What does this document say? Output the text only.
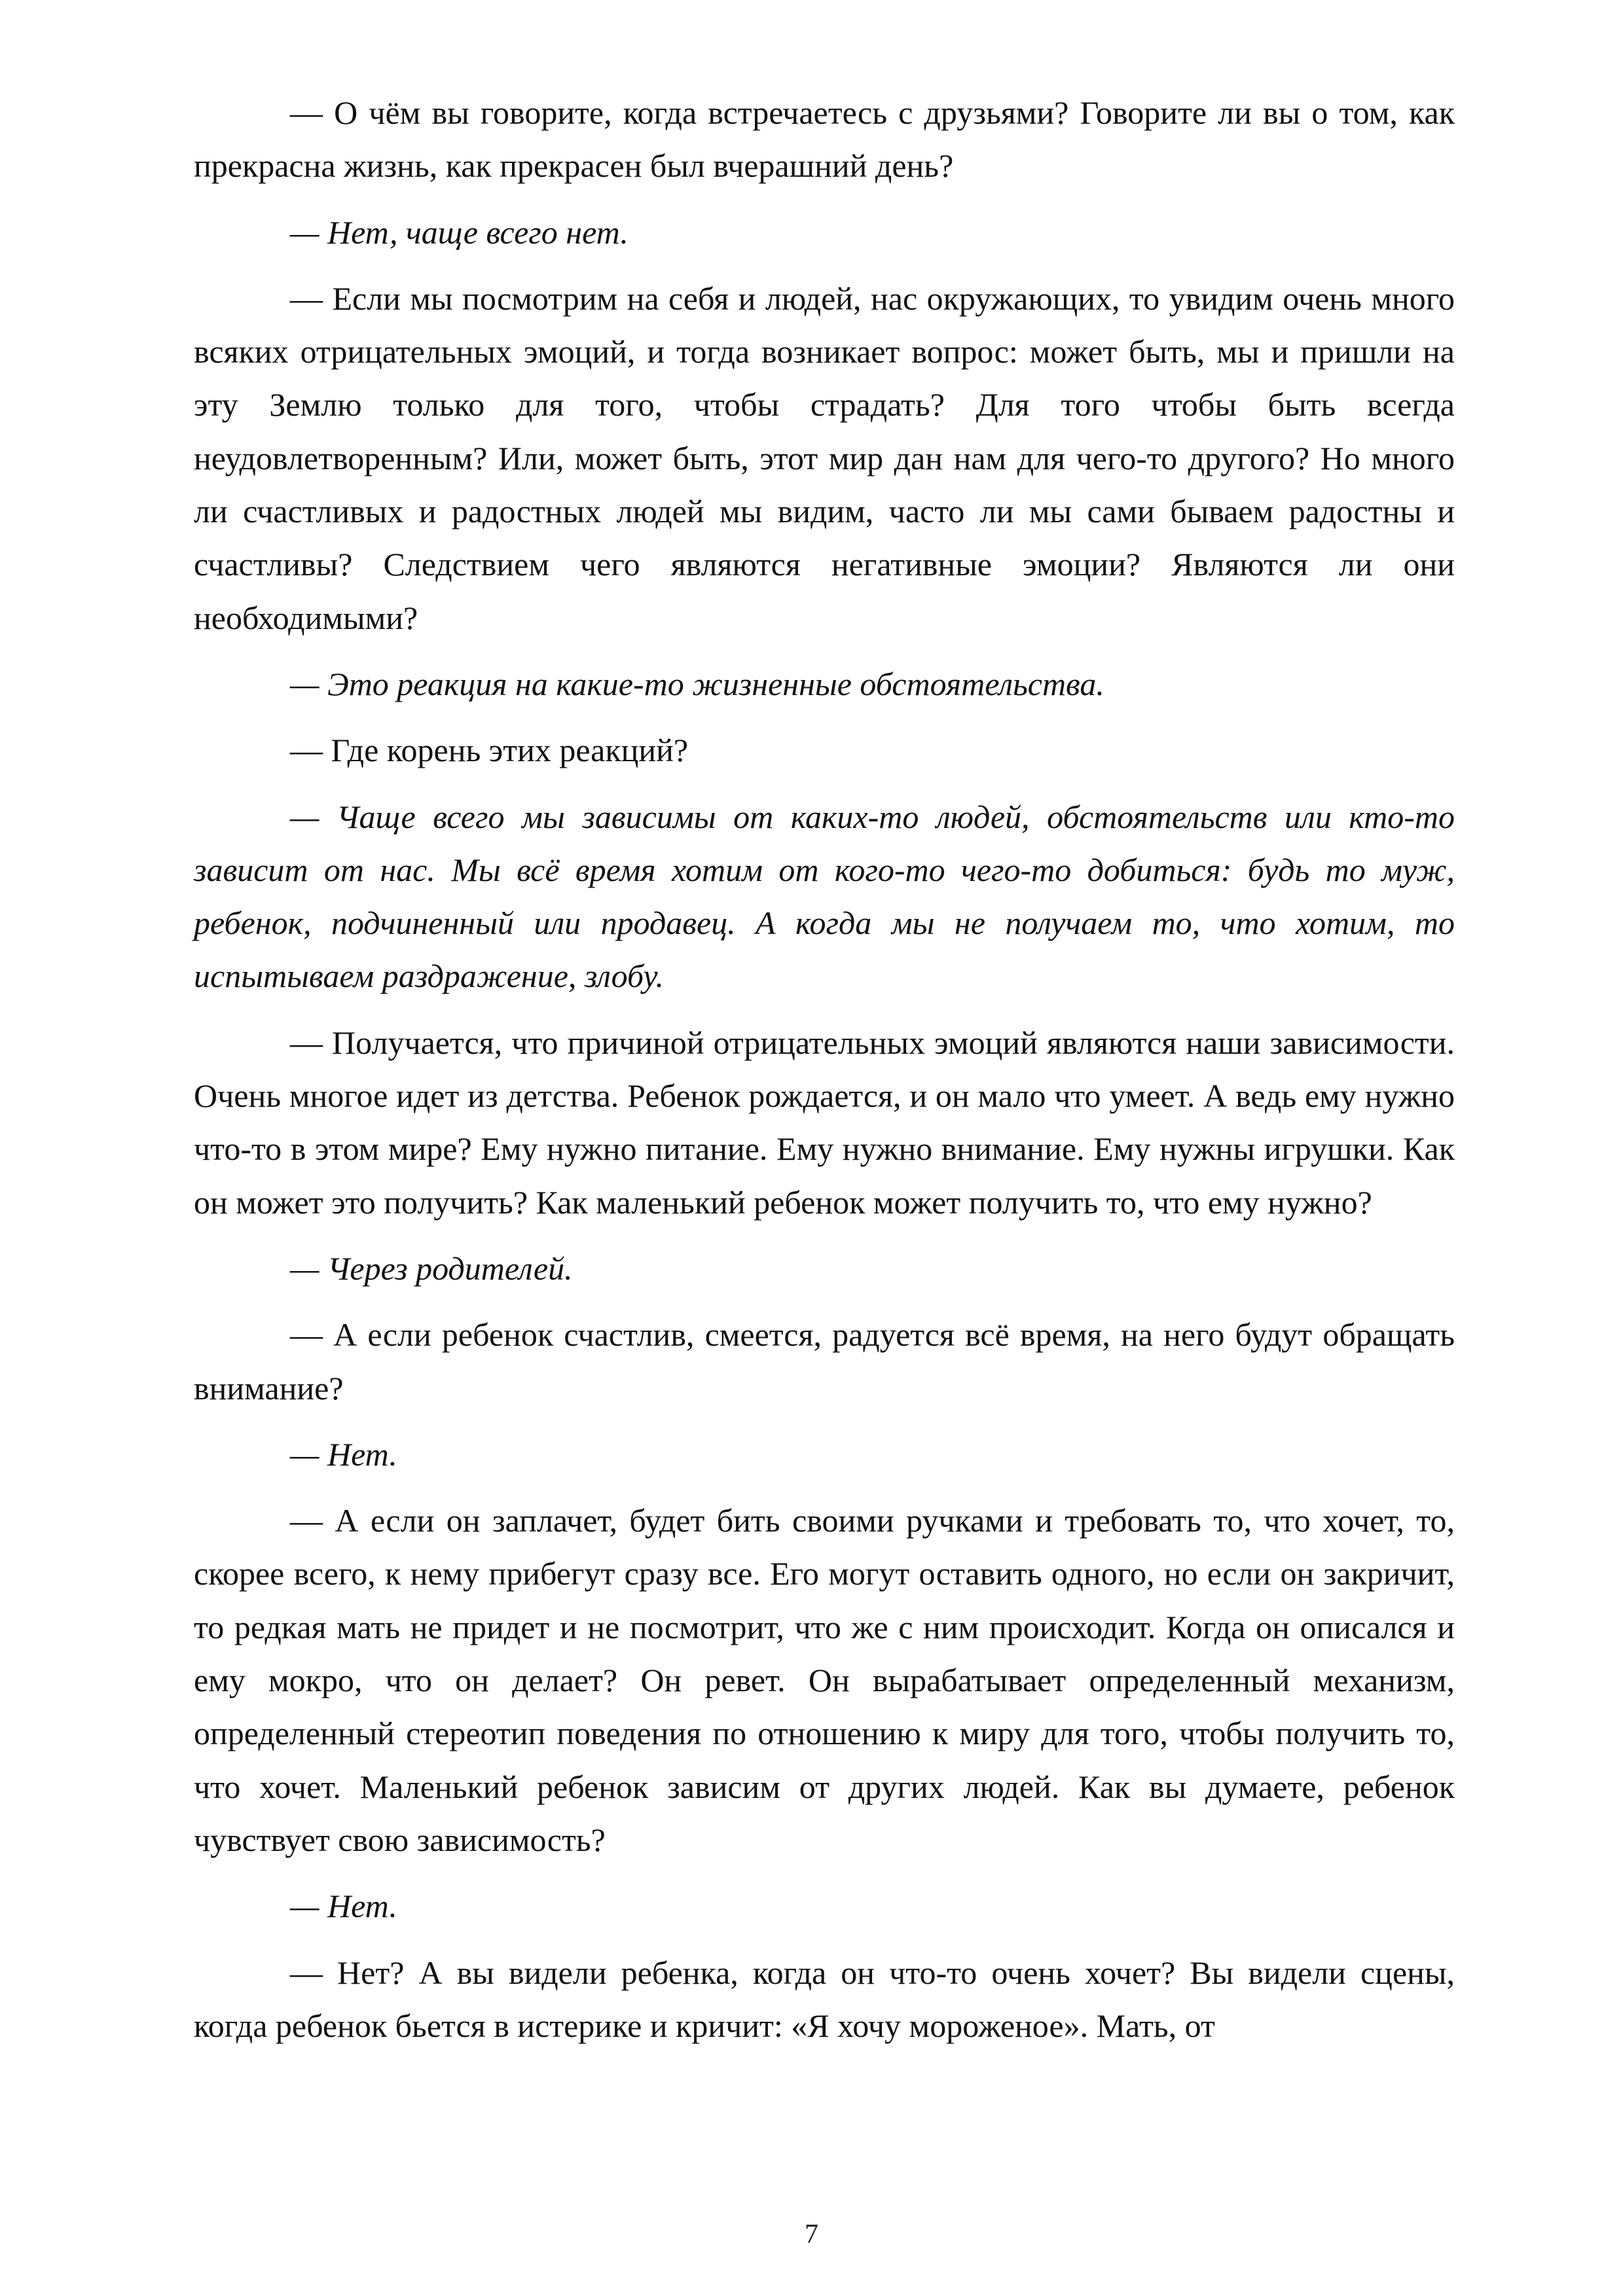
— О чём вы говорите, когда встречаетесь с друзьями? Говорите ли вы о том, как прекрасна жизнь, как прекрасен был вчерашний день?

— Нет, чаще всего нет.

— Если мы посмотрим на себя и людей, нас окружающих, то увидим очень много всяких отрицательных эмоций, и тогда возникает вопрос: может быть, мы и пришли на эту Землю только для того, чтобы страдать? Для того чтобы быть всегда неудовлетворенным? Или, может быть, этот мир дан нам для чего-то другого? Но много ли счастливых и радостных людей мы видим, часто ли мы сами бываем радостны и счастливы? Следствием чего являются негативные эмоции? Являются ли они необходимыми?

— Это реакция на какие-то жизненные обстоятельства.

— Где корень этих реакций?

— Чаще всего мы зависимы от каких-то людей, обстоятельств или кто-то зависит от нас. Мы всё время хотим от кого-то чего-то добиться: будь то муж, ребенок, подчиненный или продавец. А когда мы не получаем то, что хотим, то испытываем раздражение, злобу.

— Получается, что причиной отрицательных эмоций являются наши зависимости. Очень многое идет из детства. Ребенок рождается, и он мало что умеет. А ведь ему нужно что-то в этом мире? Ему нужно питание. Ему нужно внимание. Ему нужны игрушки. Как он может это получить? Как маленький ребенок может получить то, что ему нужно?

— Через родителей.

— А если ребенок счастлив, смеется, радуется всё время, на него будут обращать внимание?

— Нет.

— А если он заплачет, будет бить своими ручками и требовать то, что хочет, то, скорее всего, к нему прибегут сразу все. Его могут оставить одного, но если он закричит, то редкая мать не придет и не посмотрит, что же с ним происходит. Когда он описался и ему мокро, что он делает? Он ревет. Он вырабатывает определенный механизм, определенный стереотип поведения по отношению к миру для того, чтобы получить то, что хочет. Маленький ребенок зависим от других людей. Как вы думаете, ребенок чувствует свою зависимость?

— Нет.

— Нет? А вы видели ребенка, когда он что-то очень хочет? Вы видели сцены, когда ребенок бьется в истерике и кричит: «Я хочу мороженое». Мать, от

7
